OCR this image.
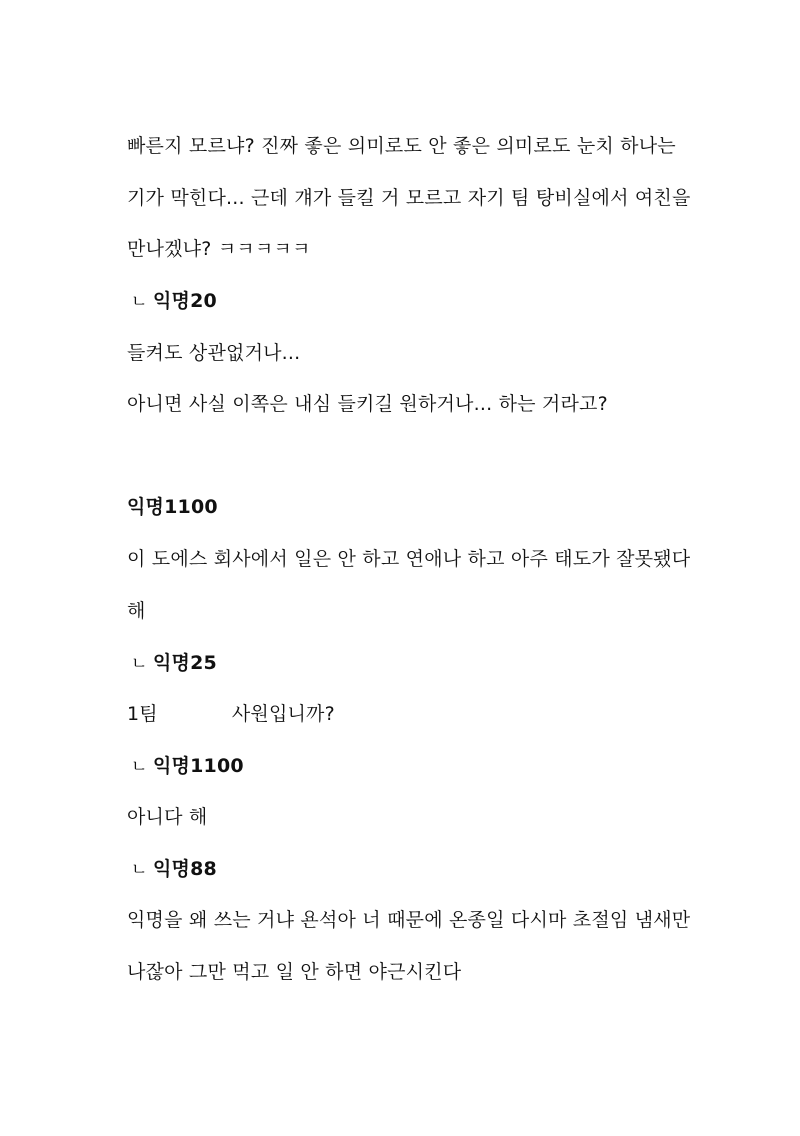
빠른지 모르냐? 진짜 좋은 의미로도 안 좋은 의미로도 눈치 하나는
기가 막힌다... 근데 걔가 들킬 거 모르고 자기 팀 탕비실에서 여친을
만나겠냐? ㅋㅋㅋㅋㅋ
ㄴ 익명20
들켜도 상관없거나...
아니면 사실 이쪽은 내심 들키길 원하거나... 하는 거라고?
익명1100
이 도에스 회사에서 일은 안 하고 연애나 하고 아주 태도가 잘못됐다
해
ㄴ 익명25
1팀	사원입니까?
ㄴ 익명1100
아니다 해
ㄴ 익명88
익명을 왜 쓰는 거냐 욘석아 너 때문에 온종일 다시마 초절임 냄새만
나잖아 그만 먹고 일 안 하면 야근시킨다
